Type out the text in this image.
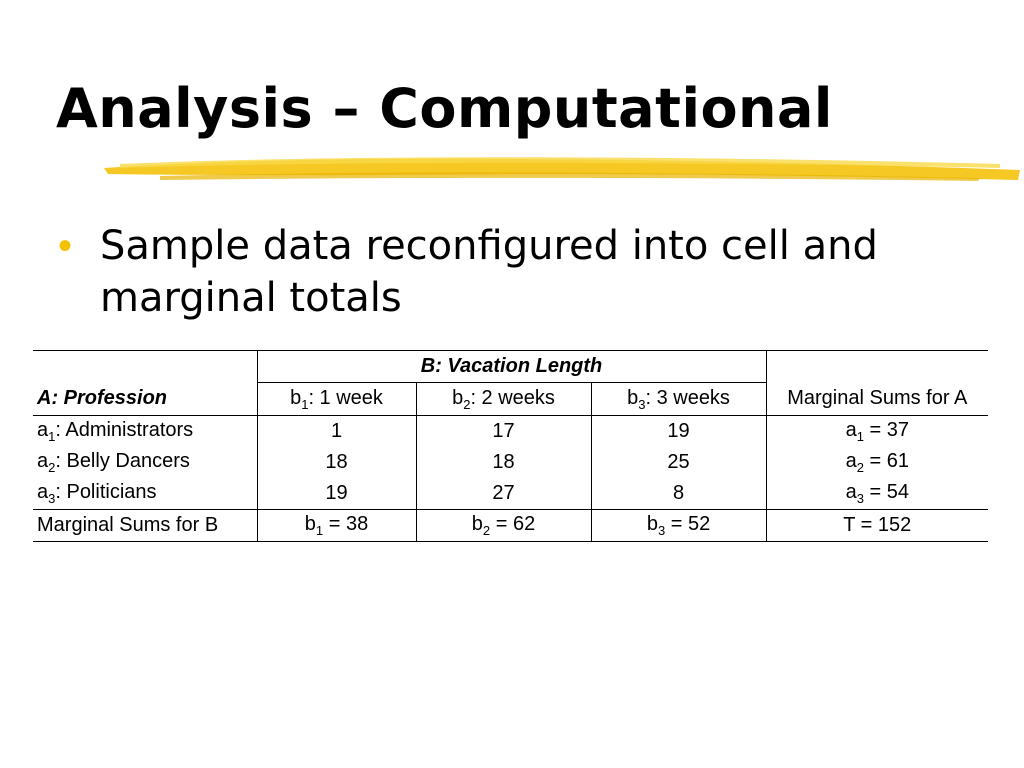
Analysis – Computational
• Sample data reconfigured into cell and marginal totals
	B: Vacation Length			
A: Profession	$b_1$: 1 week	$b_2$: 2 weeks	$b_3$: 3 weeks	Marginal Sums for A
$a_1$: Administrators	1	17	19	$a_1 = 37$
$a_2$: Belly Dancers	18	18	25	$a_2 = 61$
$a_3$: Politicians	19	27	8	$a_3 = 54$
Marginal Sums for B	$b_1 = 38$	$b_2 = 62$	$b_3 = 52$	T = 152
